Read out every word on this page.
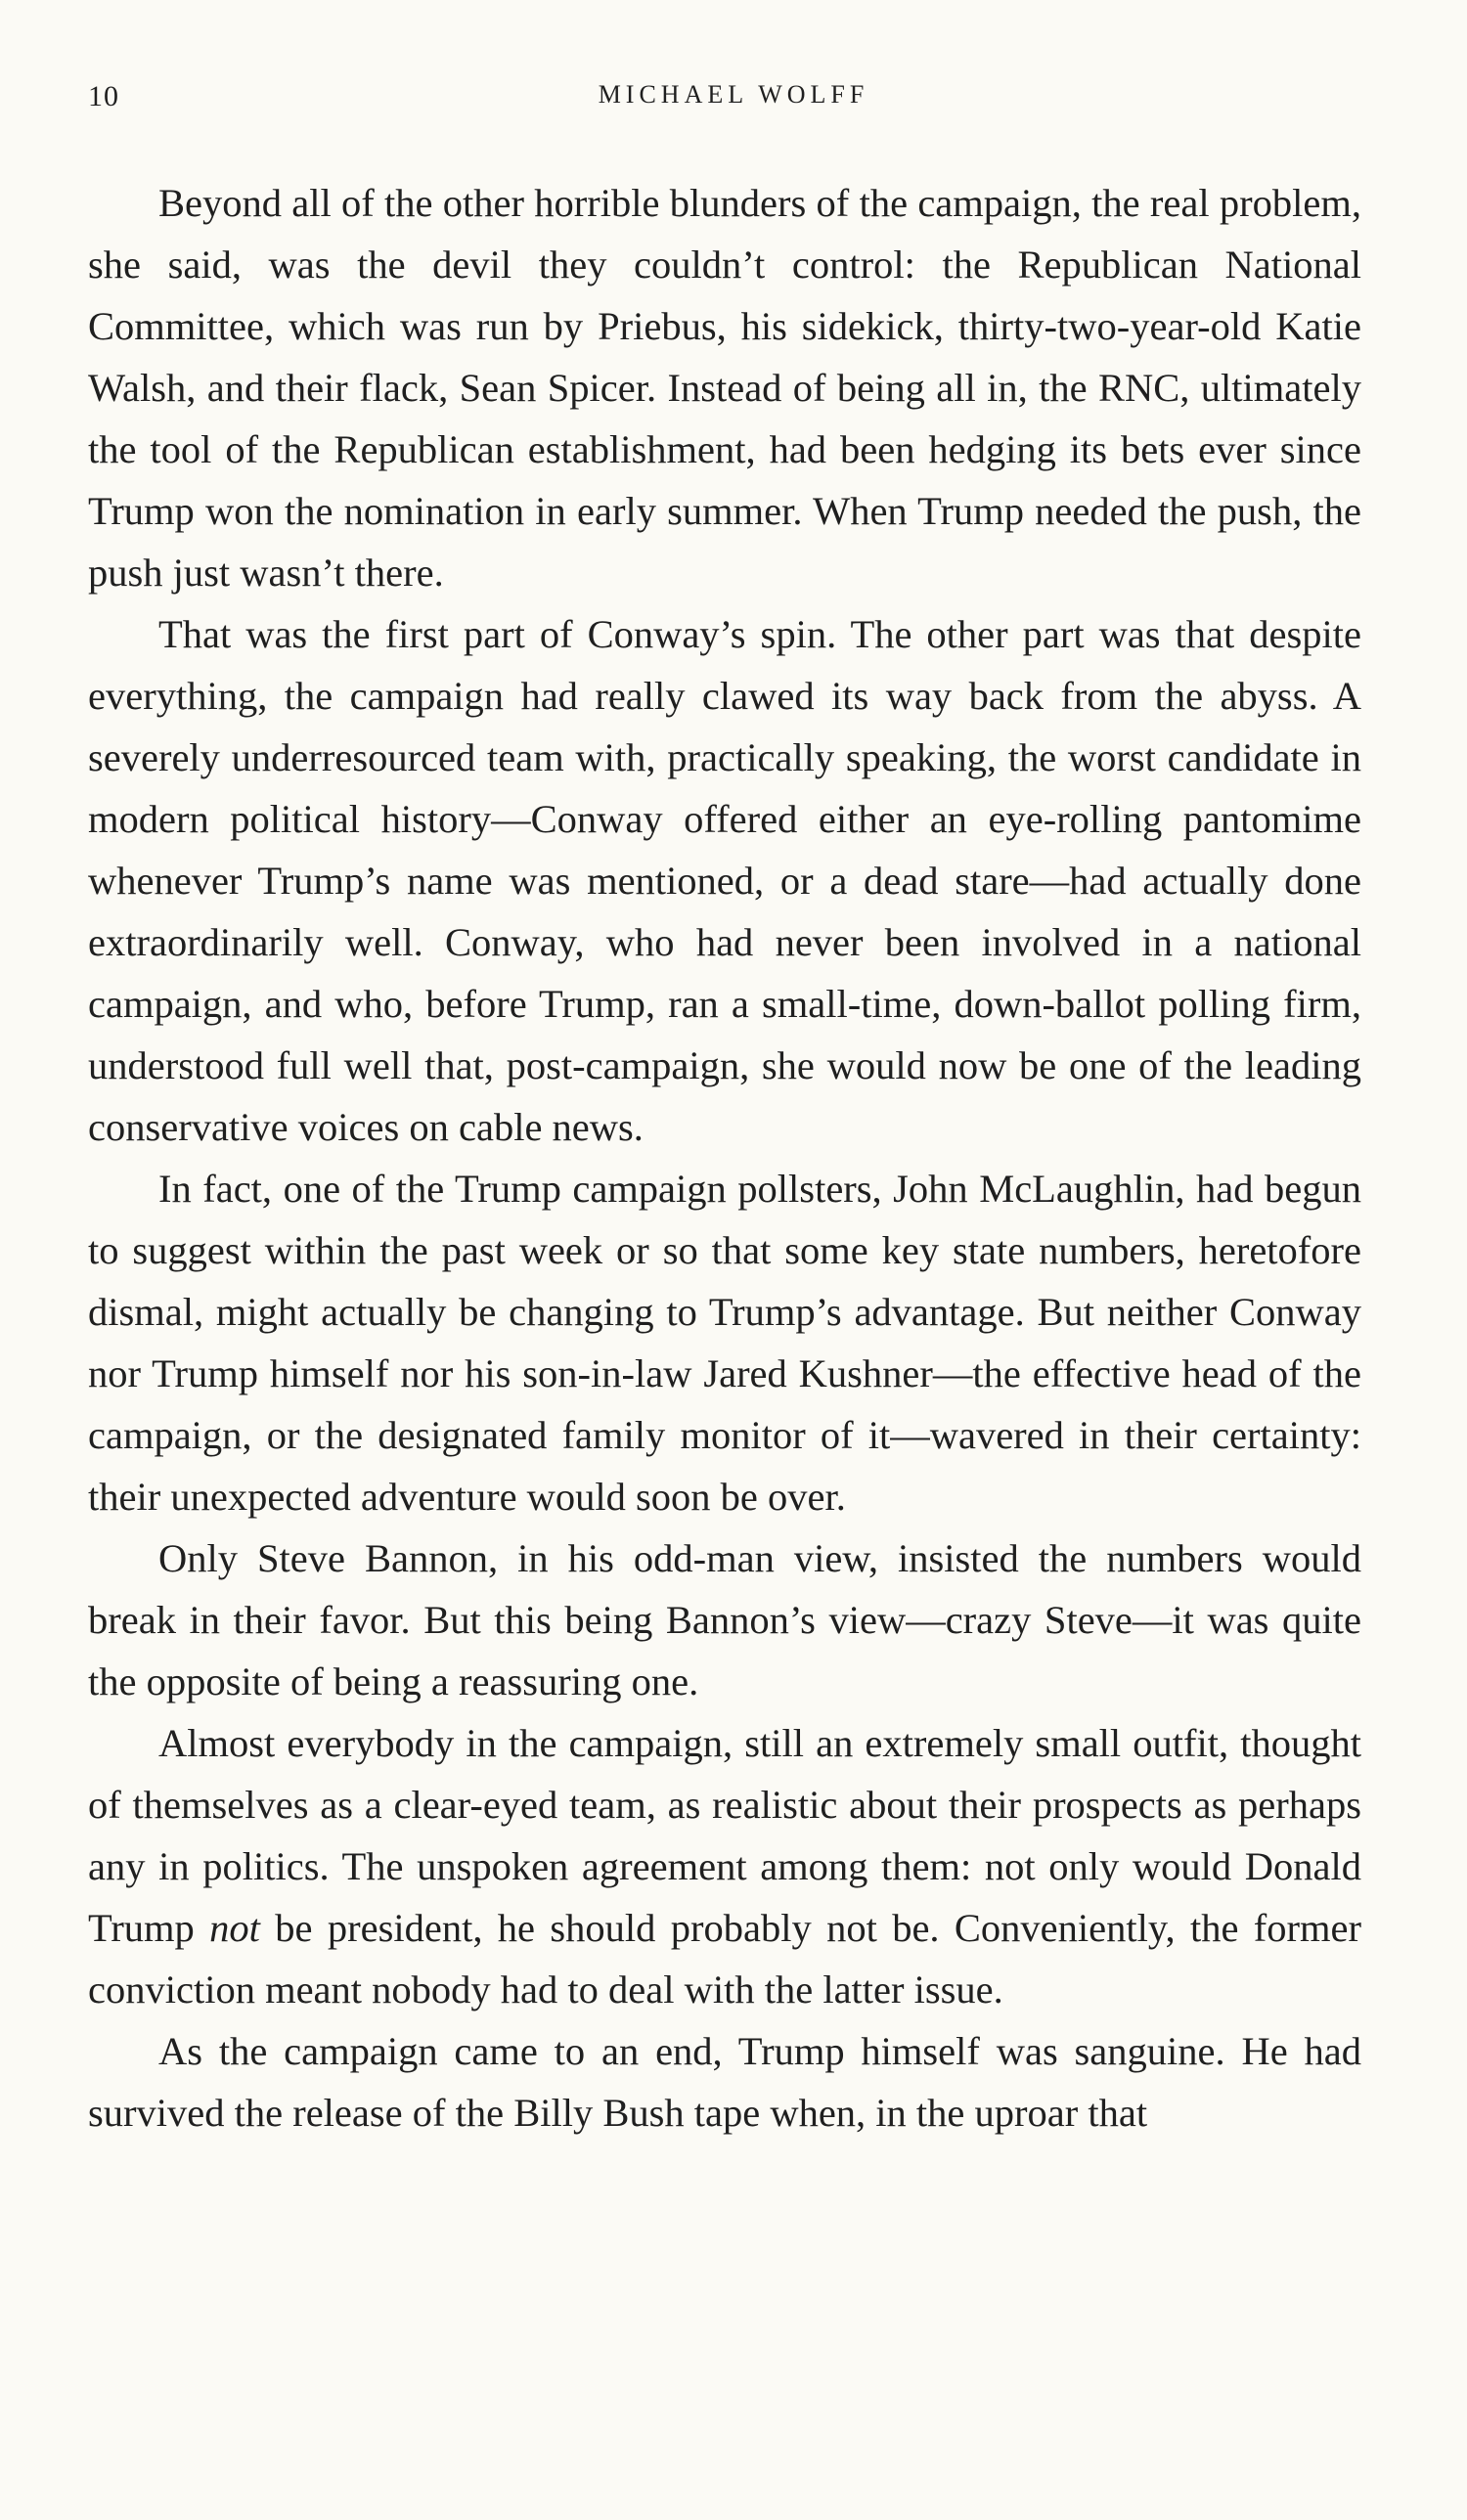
10	MICHAEL WOLFF

Beyond all of the other horrible blunders of the campaign, the real problem, she said, was the devil they couldn’t control: the Republican National Committee, which was run by Priebus, his sidekick, thirty-two-year-old Katie Walsh, and their flack, Sean Spicer. Instead of being all in, the RNC, ultimately the tool of the Republican establishment, had been hedging its bets ever since Trump won the nomination in early summer. When Trump needed the push, the push just wasn’t there.

That was the first part of Conway’s spin. The other part was that despite everything, the campaign had really clawed its way back from the abyss. A severely underresourced team with, practically speaking, the worst candidate in modern political history—Conway offered either an eye-rolling pantomime whenever Trump’s name was mentioned, or a dead stare—had actually done extraordinarily well. Conway, who had never been involved in a national campaign, and who, before Trump, ran a small-time, down-ballot polling firm, understood full well that, post-campaign, she would now be one of the leading conservative voices on cable news.

In fact, one of the Trump campaign pollsters, John McLaughlin, had begun to suggest within the past week or so that some key state numbers, heretofore dismal, might actually be changing to Trump’s advantage. But neither Conway nor Trump himself nor his son-in-law Jared Kushner—the effective head of the campaign, or the designated family monitor of it—wavered in their certainty: their unexpected adventure would soon be over.

Only Steve Bannon, in his odd-man view, insisted the numbers would break in their favor. But this being Bannon’s view—crazy Steve—it was quite the opposite of being a reassuring one.

Almost everybody in the campaign, still an extremely small outfit, thought of themselves as a clear-eyed team, as realistic about their prospects as perhaps any in politics. The unspoken agreement among them: not only would Donald Trump not be president, he should probably not be. Conveniently, the former conviction meant nobody had to deal with the latter issue.

As the campaign came to an end, Trump himself was sanguine. He had survived the release of the Billy Bush tape when, in the uproar that
